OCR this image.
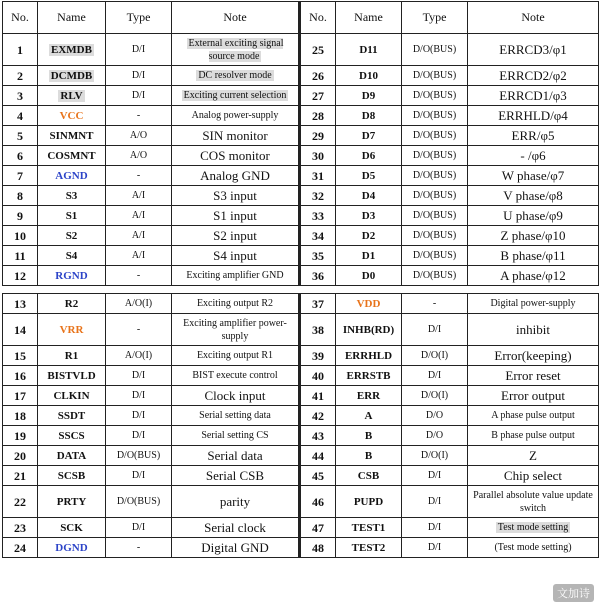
No.	Name	Type	Note	No.	Name	Type	Note
1	EXMDB	D/I	External exciting signal source mode	25	D11	D/O(BUS)	ERRCD3/φ1
2	DCMDB	D/I	DC resolver mode	26	D10	D/O(BUS)	ERRCD2/φ2
3	RLV	D/I	Exciting current selection	27	D9	D/O(BUS)	ERRCD1/φ3
4	VCC	-	Analog power-supply	28	D8	D/O(BUS)	ERRHLD/φ4
5	SINMNT	A/O	SIN monitor	29	D7	D/O(BUS)	ERR/φ5
6	COSMNT	A/O	COS monitor	30	D6	D/O(BUS)	- /φ6
7	AGND	-	Analog GND	31	D5	D/O(BUS)	W phase/φ7
8	S3	A/I	S3 input	32	D4	D/O(BUS)	V phase/φ8
9	S1	A/I	S1 input	33	D3	D/O(BUS)	U phase/φ9
10	S2	A/I	S2 input	34	D2	D/O(BUS)	Z phase/φ10
11	S4	A/I	S4 input	35	D1	D/O(BUS)	B phase/φ11
12	RGND	-	Exciting amplifier GND	36	D0	D/O(BUS)	A phase/φ12

13	R2	A/O(I)	Exciting output R2	37	VDD	-	Digital power-supply
14	VRR	-	Exciting amplifier power-supply	38	INHB(RD)	D/I	inhibit
15	R1	A/O(I)	Exciting output R1	39	ERRHLD	D/O(I)	Error(keeping)
16	BISTVLD	D/I	BIST execute control	40	ERRSTB	D/I	Error reset
17	CLKIN	D/I	Clock input	41	ERR	D/O(I)	Error output
18	SSDT	D/I	Serial setting data	42	A	D/O	A phase pulse output
19	SSCS	D/I	Serial setting CS	43	B	D/O	B phase pulse output
20	DATA	D/O(BUS)	Serial data	44	B	D/O(I)	Z
21	SCSB	D/I	Serial CSB	45	CSB	D/I	Chip select
22	PRTY	D/O(BUS)	parity	46	PUPD	D/I	Parallel absolute value update switch
23	SCK	D/I	Serial clock	47	TEST1	D/I	Test mode setting
24	DGND	-	Digital GND	48	TEST2	D/I	(Test mode setting)
文加诗
